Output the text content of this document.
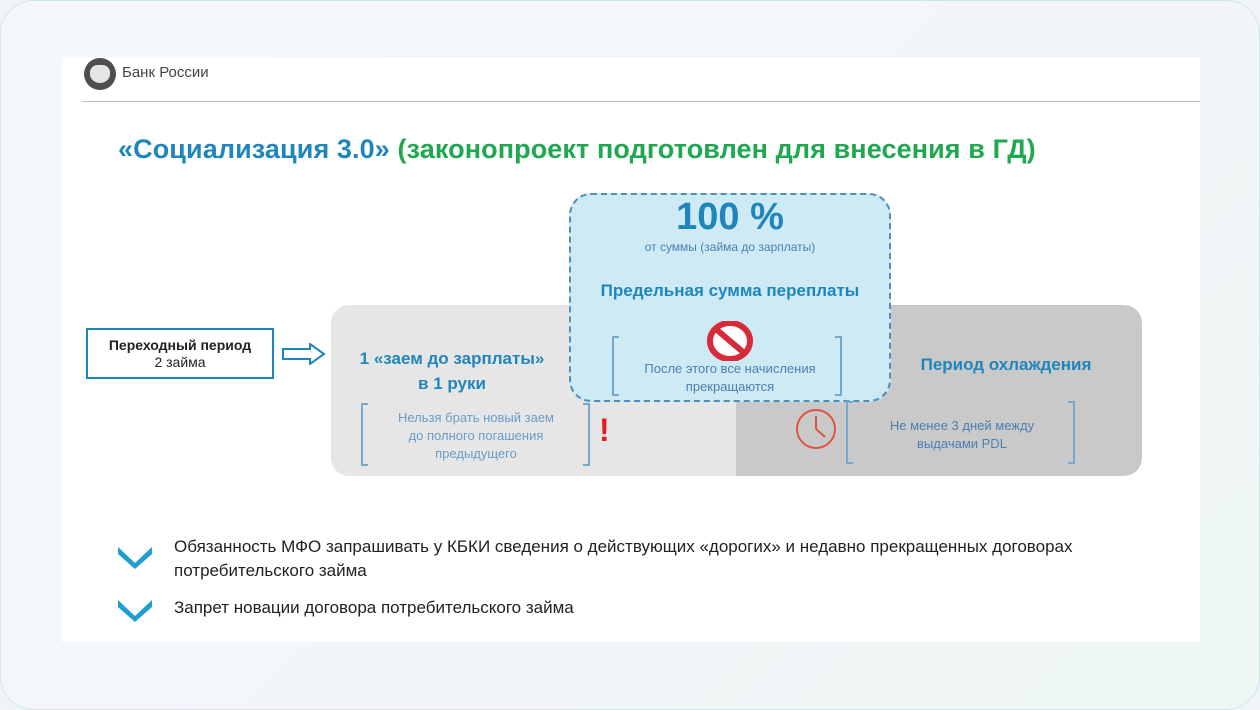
Банк России
«Социализация 3.0» (законопроект подготовлен для внесения в ГД)
Переходный период
2 займа	1 «заем до зарплаты»
в 1 руки
Нельзя брать новый заем
до полного погашения
предыдущего
!
100 %
от суммы (займа до зарплаты)
Предельная сумма переплаты
После этого все начисления
прекращаются
Период охлаждения
Не менее 3 дней между
выдачами PDL
Обязанность МФО запрашивать у КБКИ сведения о действующих «дорогих» и недавно прекращенных договорах потребительского займа
Запрет новации договора потребительского займа
